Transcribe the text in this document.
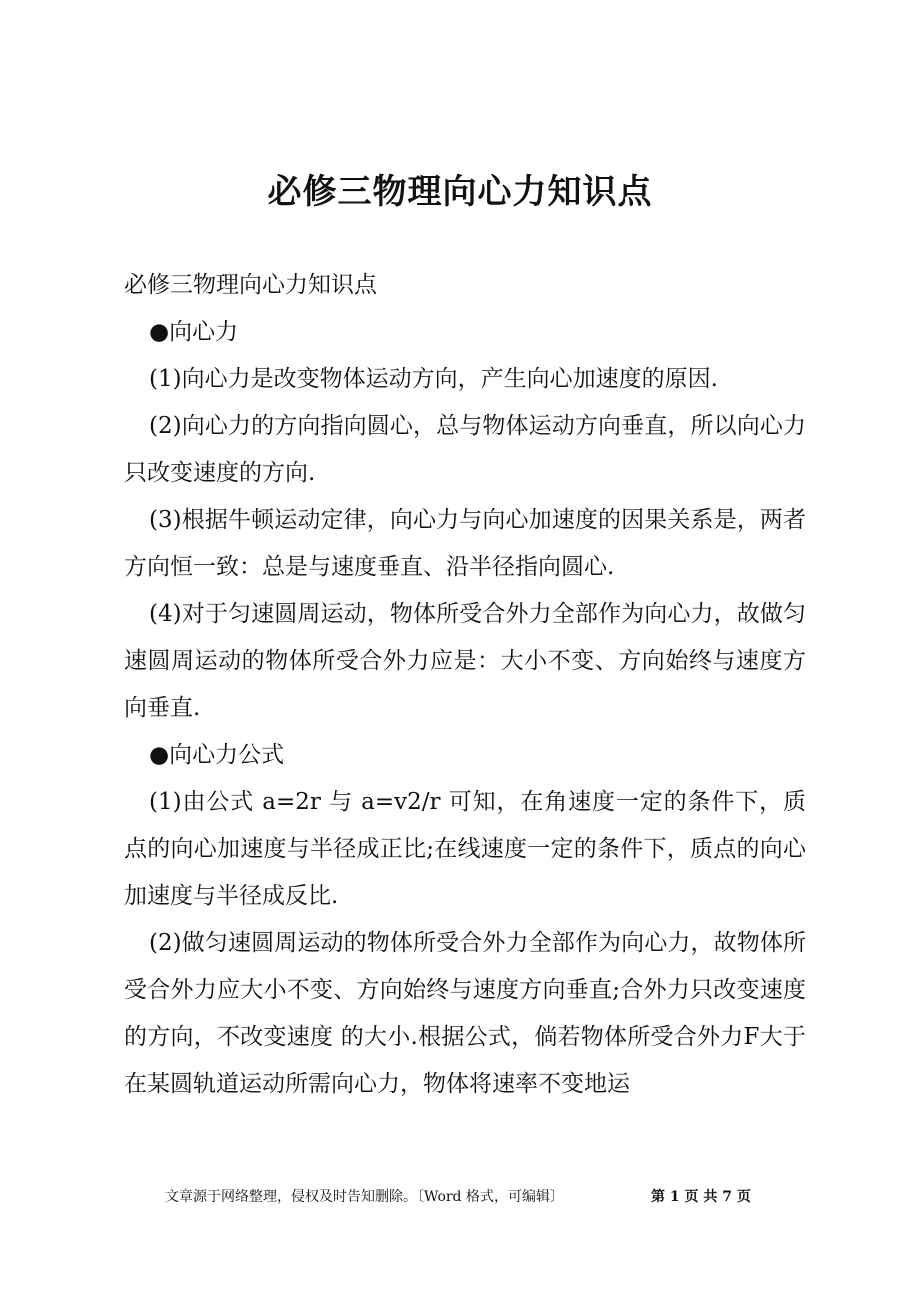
必修三物理向心力知识点

必修三物理向心力知识点

●向心力

(1)向心力是改变物体运动方向，产生向心加速度的原因.

(2)向心力的方向指向圆心，总与物体运动方向垂直，所以向心力只改变速度的方向.

(3)根据牛顿运动定律，向心力与向心加速度的因果关系是，两者方向恒一致：总是与速度垂直、沿半径指向圆心.

(4)对于匀速圆周运动，物体所受合外力全部作为向心力，故做匀速圆周运动的物体所受合外力应是：大小不变、方向始终与速度方向垂直.

●向心力公式

(1)由公式 a=2r 与 a=v2/r 可知，在角速度一定的条件下，质点的向心加速度与半径成正比;在线速度一定的条件下，质点的向心加速度与半径成反比.

(2)做匀速圆周运动的物体所受合外力全部作为向心力，故物体所受合外力应大小不变、方向始终与速度方向垂直;合外力只改变速度的方向，不改变速度 的大小.根据公式，倘若物体所受合外力F大于在某圆轨道运动所需向心力，物体将速率不变地运

文章源于网络整理，侵权及时告知删除。〔Word 格式，可编辑〕	第 1 页 共 7 页
